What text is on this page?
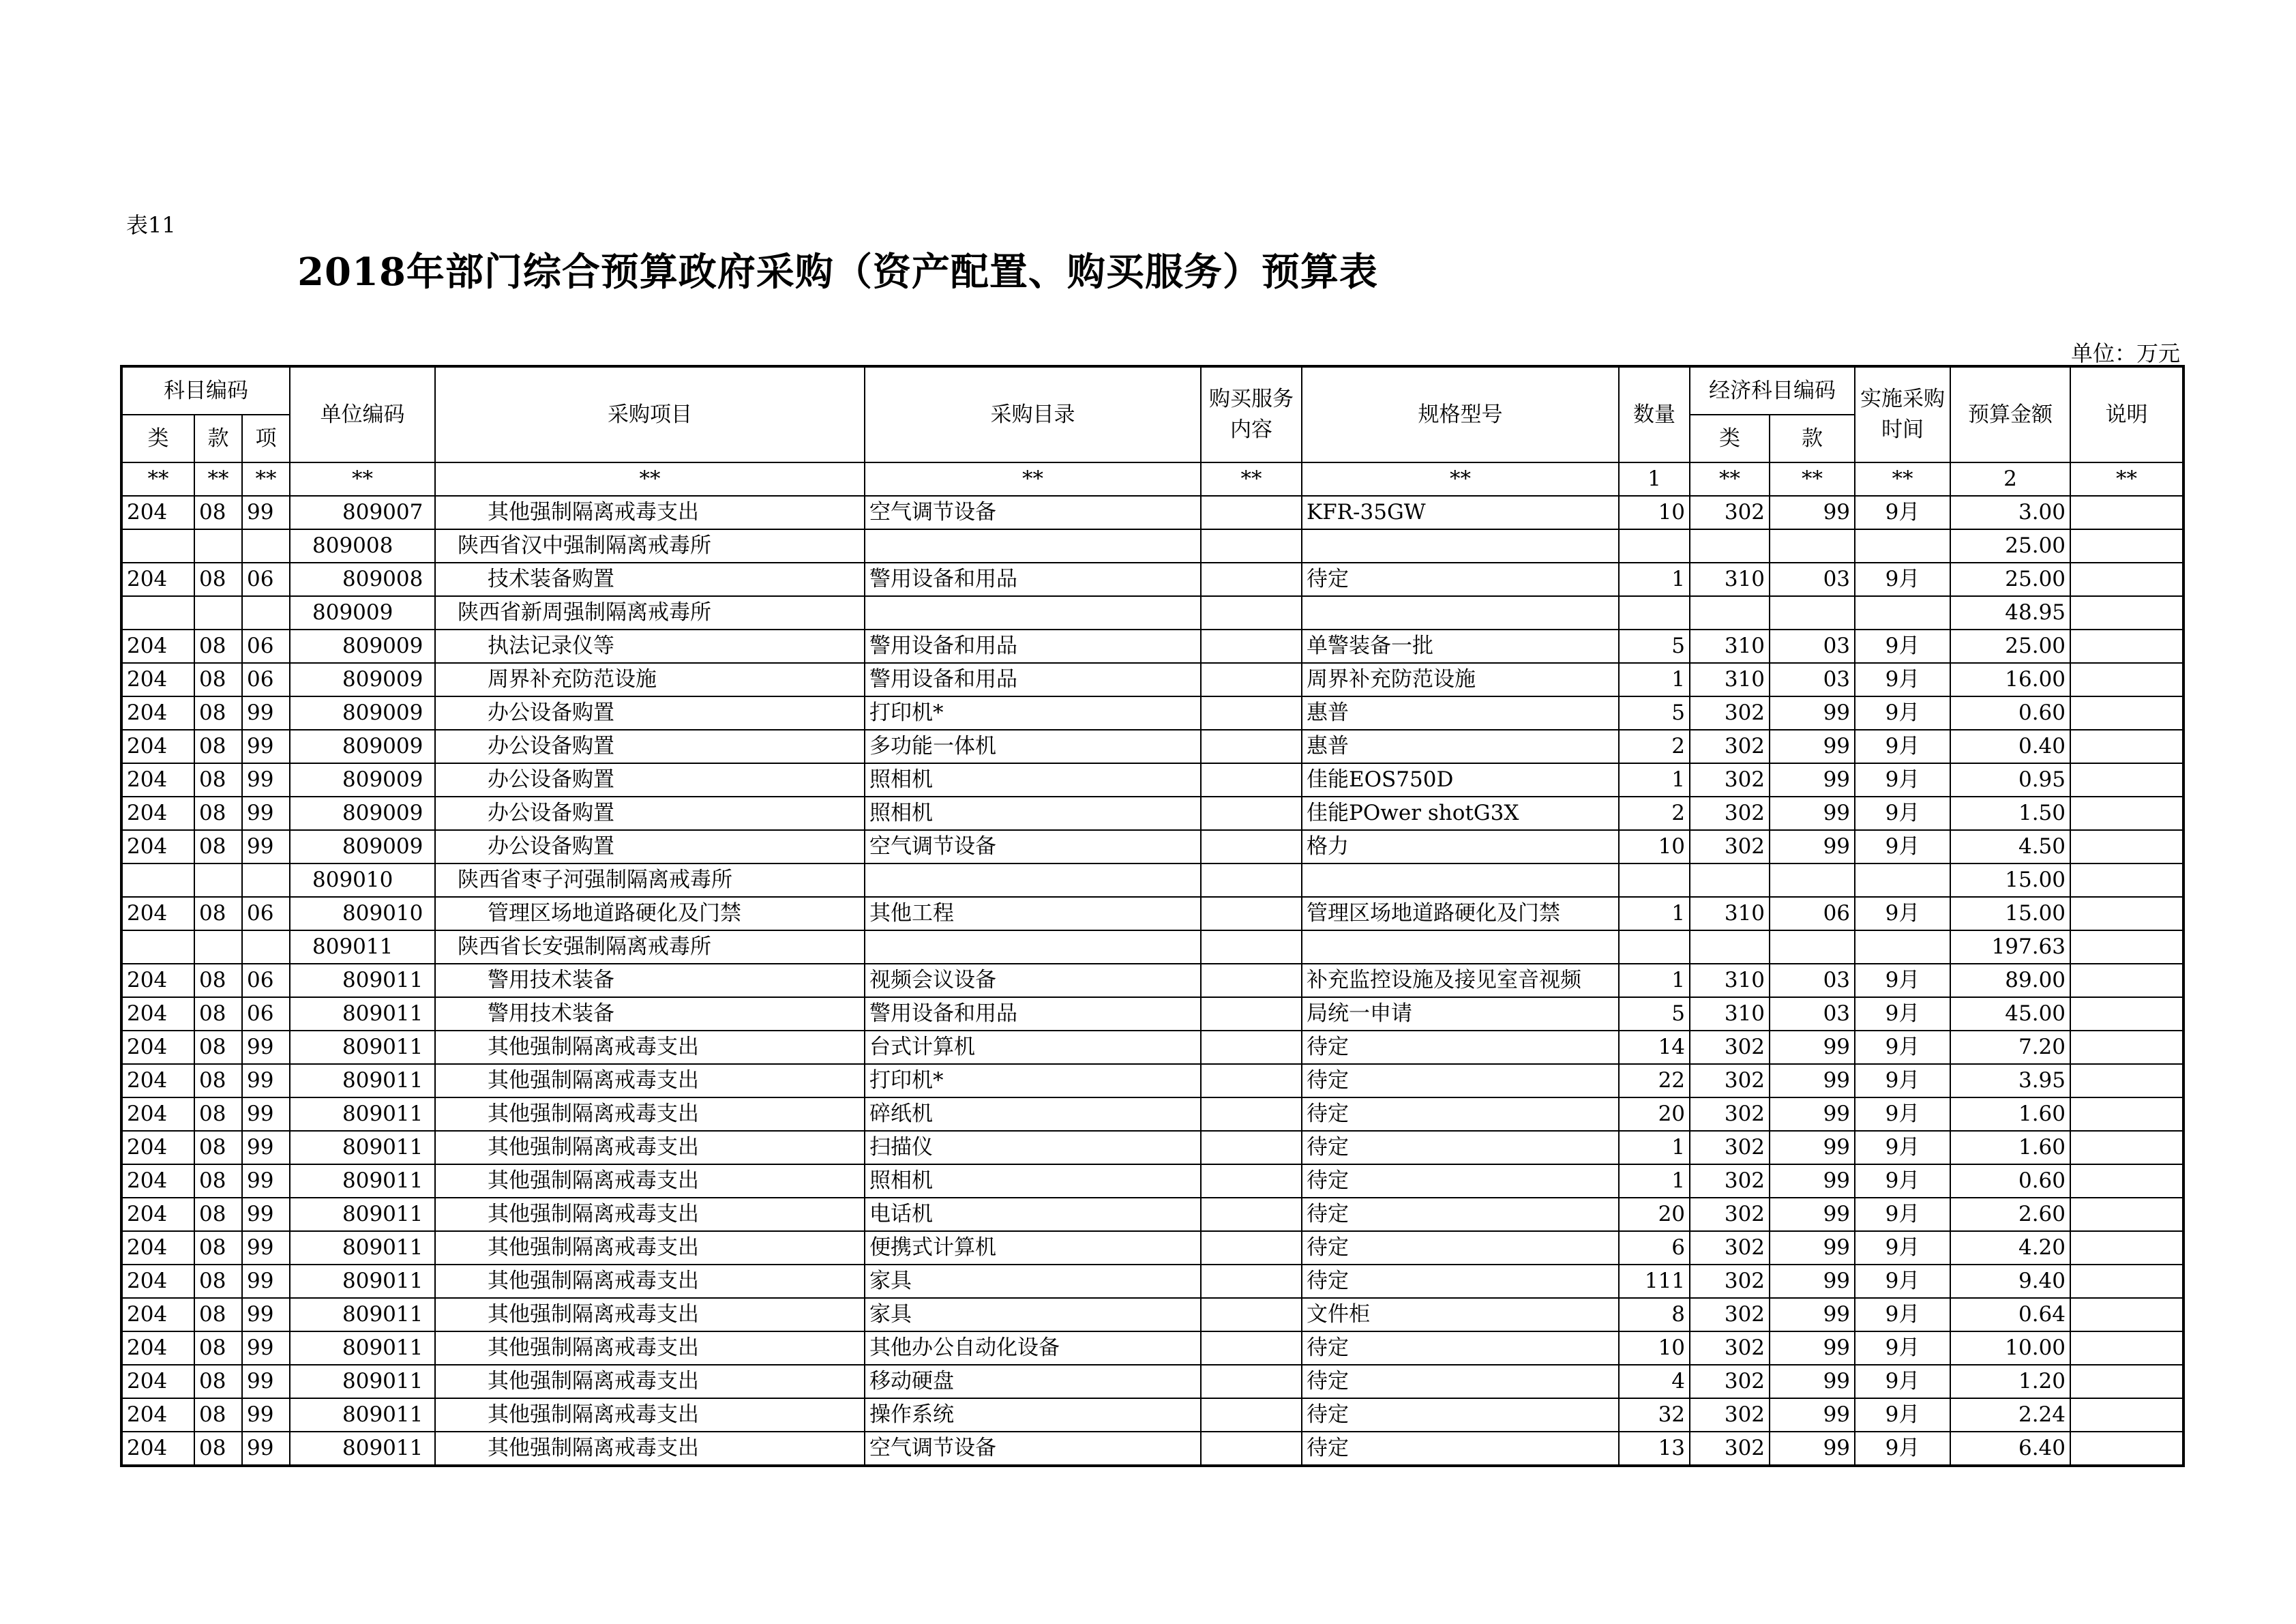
表11
2018年部门综合预算政府采购（资产配置、购买服务）预算表
单位：万元
科目编码			单位编码	采购项目	采购目录	购买服务内容	规格型号	数量	经济科目编码		实施采购时间	预算金额	说明
类	款	项							类	款			
**	**	**	**	**	**	**	**	1	**	**	**	2	**
204	08	99	809007	其他强制隔离戒毒支出	空气调节设备		KFR-35GW	10	302	99	9月	3.00	
			809008	陕西省汉中强制隔离戒毒所								25.00	
204	08	06	809008	技术装备购置	警用设备和用品		待定	1	310	03	9月	25.00	
			809009	陕西省新周强制隔离戒毒所								48.95	
204	08	06	809009	执法记录仪等	警用设备和用品		单警装备一批	5	310	03	9月	25.00	
204	08	06	809009	周界补充防范设施	警用设备和用品		周界补充防范设施	1	310	03	9月	16.00	
204	08	99	809009	办公设备购置	打印机*		惠普	5	302	99	9月	0.60	
204	08	99	809009	办公设备购置	多功能一体机		惠普	2	302	99	9月	0.40	
204	08	99	809009	办公设备购置	照相机		佳能EOS750D	1	302	99	9月	0.95	
204	08	99	809009	办公设备购置	照相机		佳能POwer shotG3X	2	302	99	9月	1.50	
204	08	99	809009	办公设备购置	空气调节设备		格力	10	302	99	9月	4.50	
			809010	陕西省枣子河强制隔离戒毒所								15.00	
204	08	06	809010	管理区场地道路硬化及门禁	其他工程		管理区场地道路硬化及门禁	1	310	06	9月	15.00	
			809011	陕西省长安强制隔离戒毒所								197.63	
204	08	06	809011	警用技术装备	视频会议设备		补充监控设施及接见室音视频	1	310	03	9月	89.00	
204	08	06	809011	警用技术装备	警用设备和用品		局统一申请	5	310	03	9月	45.00	
204	08	99	809011	其他强制隔离戒毒支出	台式计算机		待定	14	302	99	9月	7.20	
204	08	99	809011	其他强制隔离戒毒支出	打印机*		待定	22	302	99	9月	3.95	
204	08	99	809011	其他强制隔离戒毒支出	碎纸机		待定	20	302	99	9月	1.60	
204	08	99	809011	其他强制隔离戒毒支出	扫描仪		待定	1	302	99	9月	1.60	
204	08	99	809011	其他强制隔离戒毒支出	照相机		待定	1	302	99	9月	0.60	
204	08	99	809011	其他强制隔离戒毒支出	电话机		待定	20	302	99	9月	2.60	
204	08	99	809011	其他强制隔离戒毒支出	便携式计算机		待定	6	302	99	9月	4.20	
204	08	99	809011	其他强制隔离戒毒支出	家具		待定	111	302	99	9月	9.40	
204	08	99	809011	其他强制隔离戒毒支出	家具		文件柜	8	302	99	9月	0.64	
204	08	99	809011	其他强制隔离戒毒支出	其他办公自动化设备		待定	10	302	99	9月	10.00	
204	08	99	809011	其他强制隔离戒毒支出	移动硬盘		待定	4	302	99	9月	1.20	
204	08	99	809011	其他强制隔离戒毒支出	操作系统		待定	32	302	99	9月	2.24	
204	08	99	809011	其他强制隔离戒毒支出	空气调节设备		待定	13	302	99	9月	6.40	
